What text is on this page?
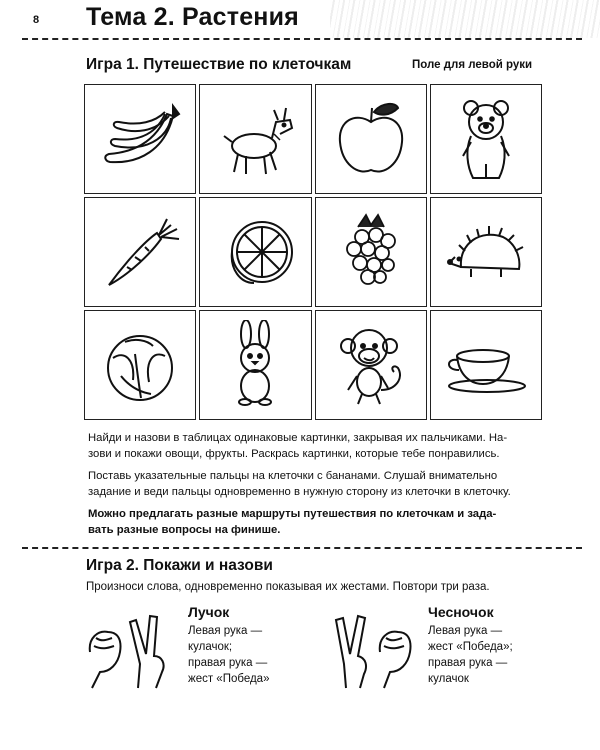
8 Тема 2. Растения
Игра 1. Путешествие по клеточкам	Поле для левой руки
Найди и назови в таблицах одинаковые картинки, закрывая их пальчиками. На-
зови и покажи овощи, фрукты. Раскрась картинки, которые тебе понравились.
Поставь указательные пальцы на клеточки с бананами. Слушай внимательно
задание и веди пальцы одновременно в нужную сторону из клеточки в клеточку.
Можно предлагать разные маршруты путешествия по клеточкам и зада-
вать разные вопросы на финише.
Игра 2. Покажи и назови
Произноси слова, одновременно показывая их жестами. Повтори три раза.
Лучок
Левая рука —
кулачок;
правая рука —
жест «Победа»
Чесночок
Левая рука —
жест «Победа»;
правая рука —
кулачок
